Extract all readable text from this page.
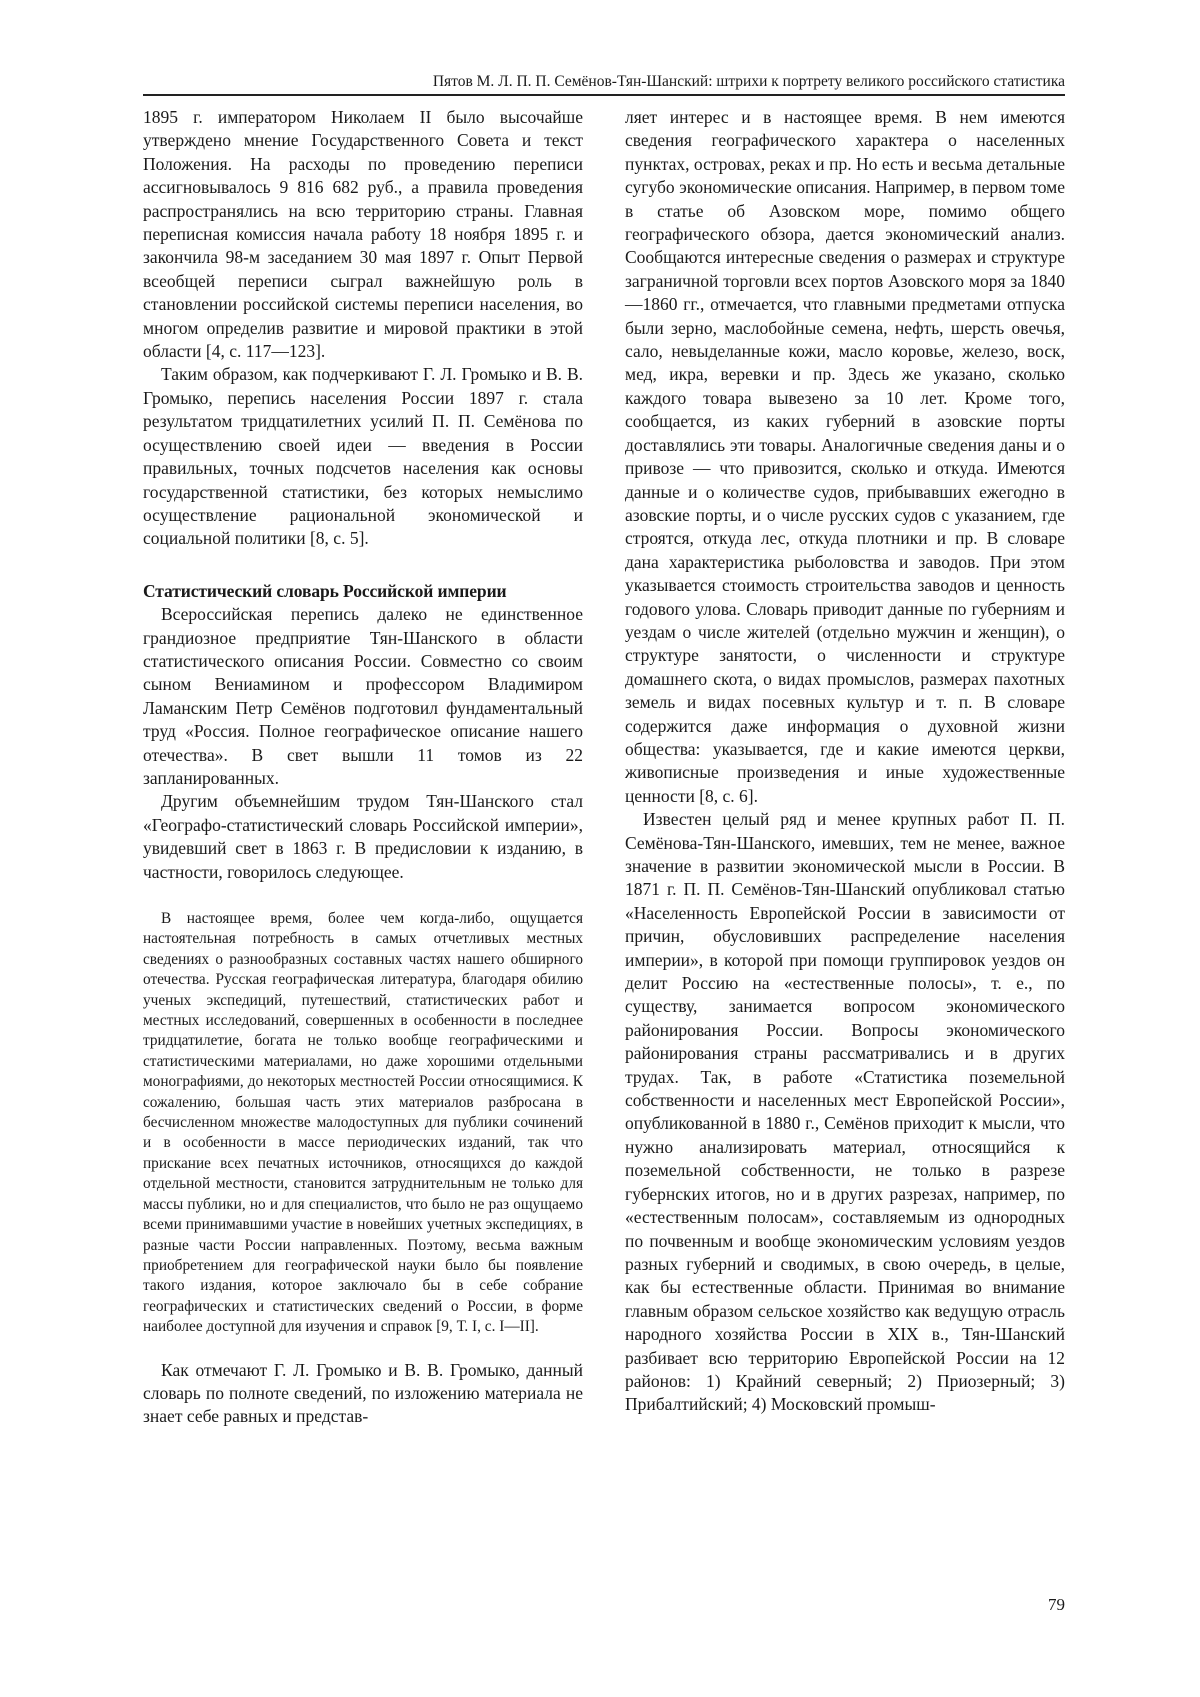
Пятов М. Л. П. П. Семёнов-Тян-Шанский: штрихи к портрету великого российского статистика

1895 г. императором Николаем II было высочайше утверждено мнение Государственного Совета и текст Положения. На расходы по проведению переписи ассигновывалось 9 816 682 руб., а правила проведения распространялись на всю территорию страны. Главная переписная комиссия начала работу 18 ноября 1895 г. и закончила 98-м заседанием 30 мая 1897 г. Опыт Первой всеобщей переписи сыграл важнейшую роль в становлении российской системы переписи населения, во многом определив развитие и мировой практики в этой области [4, с. 117—123].

Таким образом, как подчеркивают Г. Л. Громыко и В. В. Громыко, перепись населения России 1897 г. стала результатом тридцатилетних усилий П. П. Семёнова по осуществлению своей идеи — введения в России правильных, точных подсчетов населения как основы государственной статистики, без которых немыслимо осуществление рациональной экономической и социальной политики [8, с. 5].

Статистический словарь Российской империи

Всероссийская перепись далеко не единственное грандиозное предприятие Тян-Шанского в области статистического описания России. Совместно со своим сыном Вениамином и профессором Владимиром Ламанским Петр Семёнов подготовил фундаментальный труд «Россия. Полное географическое описание нашего отечества». В свет вышли 11 томов из 22 запланированных.

Другим объемнейшим трудом Тян-Шанского стал «Географо-статистический словарь Российской империи», увидевший свет в 1863 г. В предисловии к изданию, в частности, говорилось следующее.

В настоящее время, более чем когда-либо, ощущается настоятельная потребность в самых отчетливых местных сведениях о разнообразных составных частях нашего обширного отечества. Русская географическая литература, благодаря обилию ученых экспедиций, путешествий, статистических работ и местных исследований, совершенных в особенности в последнее тридцатилетие, богата не только вообще географическими и статистическими материалами, но даже хорошими отдельными монографиями, до некоторых местностей России относящимися. К сожалению, большая часть этих материалов разбросана в бесчисленном множестве малодоступных для публики сочинений и в особенности в массе периодических изданий, так что прискание всех печатных источников, относящихся до каждой отдельной местности, становится затруднительным не только для массы публики, но и для специалистов, что было не раз ощущаемо всеми принимавшими участие в новейших учетных экспедициях, в разные части России направленных. Поэтому, весьма важным приобретением для географической науки было бы появление такого издания, которое заключало бы в себе собрание географических и статистических сведений о России, в форме наиболее доступной для изучения и справок [9, Т. I, с. I—II].

Как отмечают Г. Л. Громыко и В. В. Громыко, данный словарь по полноте сведений, по изложению материала не знает себе равных и представ-

ляет интерес и в настоящее время. В нем имеются сведения географического характера о населенных пунктах, островах, реках и пр. Но есть и весьма детальные сугубо экономические описания. Например, в первом томе в статье об Азовском море, помимо общего географического обзора, дается экономический анализ. Сообщаются интересные сведения о размерах и структуре заграничной торговли всех портов Азовского моря за 1840—1860 гг., отмечается, что главными предметами отпуска были зерно, маслобойные семена, нефть, шерсть овечья, сало, невыделанные кожи, масло коровье, железо, воск, мед, икра, веревки и пр. Здесь же указано, сколько каждого товара вывезено за 10 лет. Кроме того, сообщается, из каких губерний в азовские порты доставлялись эти товары. Аналогичные сведения даны и о привозе — что привозится, сколько и откуда. Имеются данные и о количестве судов, прибывавших ежегодно в азовские порты, и о числе русских судов с указанием, где строятся, откуда лес, откуда плотники и пр. В словаре дана характеристика рыболовства и заводов. При этом указывается стоимость строительства заводов и ценность годового улова. Словарь приводит данные по губерниям и уездам о числе жителей (отдельно мужчин и женщин), о структуре занятости, о численности и структуре домашнего скота, о видах промыслов, размерах пахотных земель и видах посевных культур и т. п. В словаре содержится даже информация о духовной жизни общества: указывается, где и какие имеются церкви, живописные произведения и иные художественные ценности [8, с. 6].

Известен целый ряд и менее крупных работ П. П. Семёнова-Тян-Шанского, имевших, тем не менее, важное значение в развитии экономической мысли в России. В 1871 г. П. П. Семёнов-Тян-Шанский опубликовал статью «Населенность Европейской России в зависимости от причин, обусловивших распределение населения империи», в которой при помощи группировок уездов он делит Россию на «естественные полосы», т. е., по существу, занимается вопросом экономического районирования России. Вопросы экономического районирования страны рассматривались и в других трудах. Так, в работе «Статистика поземельной собственности и населенных мест Европейской России», опубликованной в 1880 г., Семёнов приходит к мысли, что нужно анализировать материал, относящийся к поземельной собственности, не только в разрезе губернских итогов, но и в других разрезах, например, по «естественным полосам», составляемым из однородных по почвенным и вообще экономическим условиям уездов разных губерний и сводимых, в свою очередь, в целые, как бы естественные области. Принимая во внимание главным образом сельское хозяйство как ведущую отрасль народного хозяйства России в XIX в., Тян-Шанский разбивает всю территорию Европейской России на 12 районов: 1) Крайний северный; 2) Приозерный; 3) Прибалтийский; 4) Московский промыш-

79
